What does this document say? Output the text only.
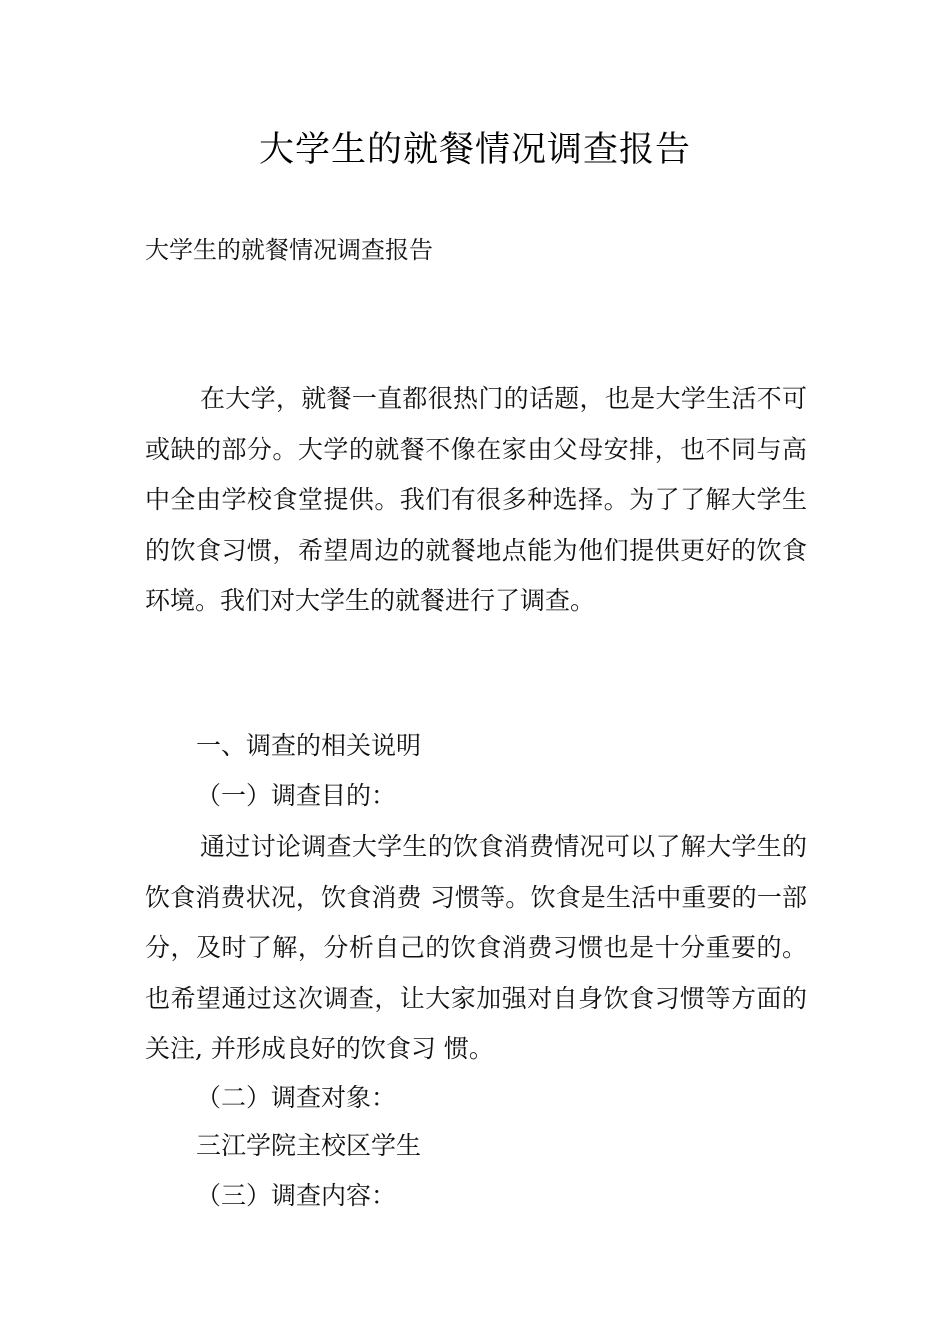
大学生的就餐情况调查报告
大学生的就餐情况调查报告
在大学，就餐一直都很热门的话题，也是大学生活不可或缺的部分。大学的就餐不像在家由父母安排，也不同与高中全由学校食堂提供。我们有很多种选择。为了了解大学生的饮食习惯，希望周边的就餐地点能为他们提供更好的饮食环境。我们对大学生的就餐进行了调查。
一、调查的相关说明
（一）调查目的：
通过讨论调查大学生的饮食消费情况可以了解大学生的饮食消费状况，饮食消费 习惯等。饮食是生活中重要的一部分，及时了解，分析自己的饮食消费习惯也是十分重要的。也希望通过这次调查，让大家加强对自身饮食习惯等方面的关注, 并形成良好的饮食习 惯。
（二）调查对象：
三江学院主校区学生
（三）调查内容：
